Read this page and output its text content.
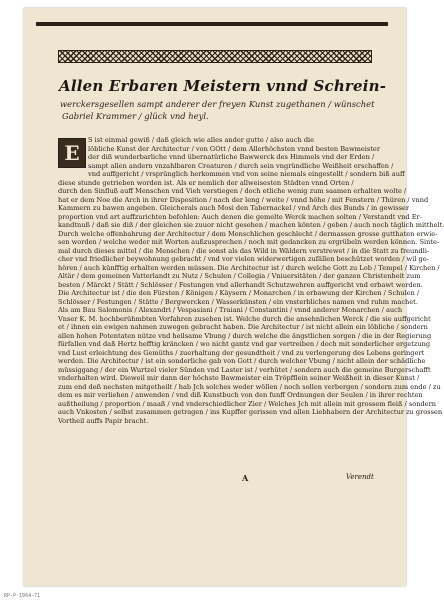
Allen Erbaren Meistern vnnd Schrein-
werckersgesellen sampt anderer der freyen Kunst zugethanen / wünschet
Gabriel Krammer / glück vnd heyl.
E
S ist einmal gewiß / daß gleich wie alles ander gutte / also auch die
löbliche Kunst der Architectur / von GOtt / dem Allerhöchsten vnnd besten Bawmeister
der diß wunderbarliche vnnd übernatürliche Bawwerck des Himmels vnd der Erden /
sampt allen andern vnzahlbaren Creaturen / durch sein vngründliche Weißheit erschaffen /
vnd auffgericht / vrsprünglich herkommen vnd von seine niemals eingestellt / sondern biß auff
diese stunde getrieben worden ist. Als er nemlich der allweisesten Städten vnnd Orten /
durch den Sinfluß auff Menschen vnd Vieh verstiegen / doch etliche wenig zum saamen erhalten wolte /
hat er dem Noe die Arch in ihrer Disposition / nach der leng / weite / vnnd höhe / mit Fenstern / Thüren / vnnd
Kammern zu bawen angeben. Gleicherals auch Mosi den Tabernackel / vnd Arch des Bunds / in gewisser
proportion vnd art auffzurichten befohlen: Auch denen die gemelte Werck machen solten / Verstandt vnd Er-
kandtnuß / daß sie diß / der gleichen sie zuuor nicht gesehen / machen könten / geben / auch noch täglich mitthelt.
Durch welche offenbahrung der Architectur / dem Menschlichen geschlecht / dermassen grosse gutthaten erwie-
sen worden / welche weder mit Worten außzusprechen / noch mit gedancken zu ergrübeln werden können. Sinte-
mal durch dieses mittel / die Menschen / die sonst als das Wild in Wäldern verstrewet / in die Statt zu freundli-
cher vnd friedlicher beywohnung gebracht / vnd vor vielen widerwertigen zufällen beschützet worden / wil ge-
hören / auch künfftig erhalten werden müssen. Die Architectur ist / durch welche Gott zu Lob / Tempel / Kirchen /
Altär / dem gemeinen Vatterlandt zu Nutz / Schulen / Collegia / Vniuersitäten / der ganzen Christenheit zum
besten / Märckt / Stätt / Schlösser / Festungen vnd allerhandt Schutzwehren auffgericht vnd erbawt werden.
Die Architectur ist / die den Fürsten / Königen / Käysern / Monarchen / in erbawung der Kirchen / Schulen /
Schlösser / Festungen / Stätte / Bergwercken / Wasserkünsten / ein vnsterbliches namen vnd ruhm machet.
Als am Bau Salomonis / Alexandri / Vespasiani / Traiani / Constantini / vnnd anderer Monarchen / auch
Vnser K. M. hochberühmbten Vorfahren zusehen ist. Welche durch die ansehnlichen Werck / die sie auffgericht
et / ihnen ein ewigen nahmen zuwegen gebracht haben. Die Architectur / ist nicht allein ein löbliche / sondern
allen hohen Potentaten nütze vnd heilsame Vbung / durch welche die ängstlichen sorgen / die in der Regierung
fürfallen vnd daß Hertz hefftig kräncken / wo nicht gantz vnd gar vertreiben / doch mit sonderlicher ergetzung
vnd Lust erleichtung des Gemüths / zuerhaltung der gesundtheit / vnd zu verlengerung des Lebens geringert
werden. Die Architectur / ist ein sonderliche gab von Gott / durch welcher Vbung / nicht allein der schädliche
müssiggang / der ein Wurtzel vieler Sünden vnd Laster ist / verhütet / sondern auch die gemeine Burgerschafft
vnderhalten wird. Dieweil mir dann der höchste Bawmeister ein Tröpfflein seiner Weißheit in dieser Kunst /
zum end deß nechsten mitgetheilt / hab Jch solches weder wöllen / noch sollen verbergen / sondern zum ende / zu
dem es mir verliehen / anwenden / vnd diß Kunstbuch von den funff Ordnungen der Seulen / in ihrer rechten
außtheilung / proportion / maaß / vnd vnderschiedlicher Zier / Welches Jch mit allein mit grossem fleiß / sondern
auch Vnkosten / selbst zusammen getragen / ins Kupffer gerissen vnd allen Liebhabern der Architectur zu grossen
Vortheil auffs Papir bracht.
A	Verendt
RP-P-1964-71
